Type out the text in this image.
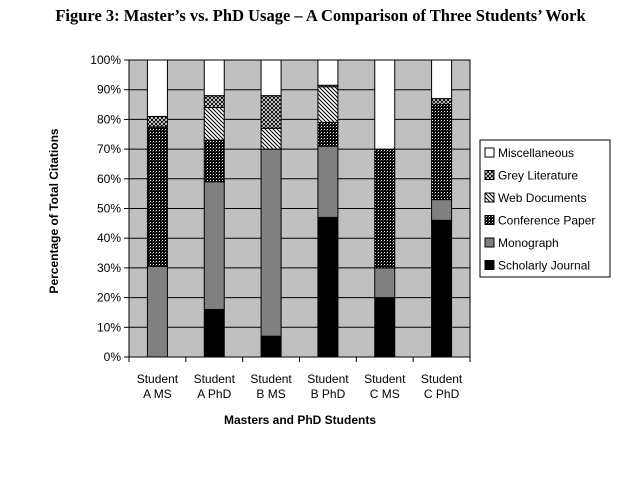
Figure 3: Master’s vs. PhD Usage – A Comparison of Three Students’ Work
0%
10%
20%
30%
40%
50%
60%
70%
80%
90%
100%
Student A MS
Student A PhD
Student B MS
Student B PhD
Student C MS
Student C PhD
Masters and PhD Students
Percentage of Total Citations	Miscellaneous
Grey Literature
Web Documents
Conference Paper
Monograph
Scholarly Journal
